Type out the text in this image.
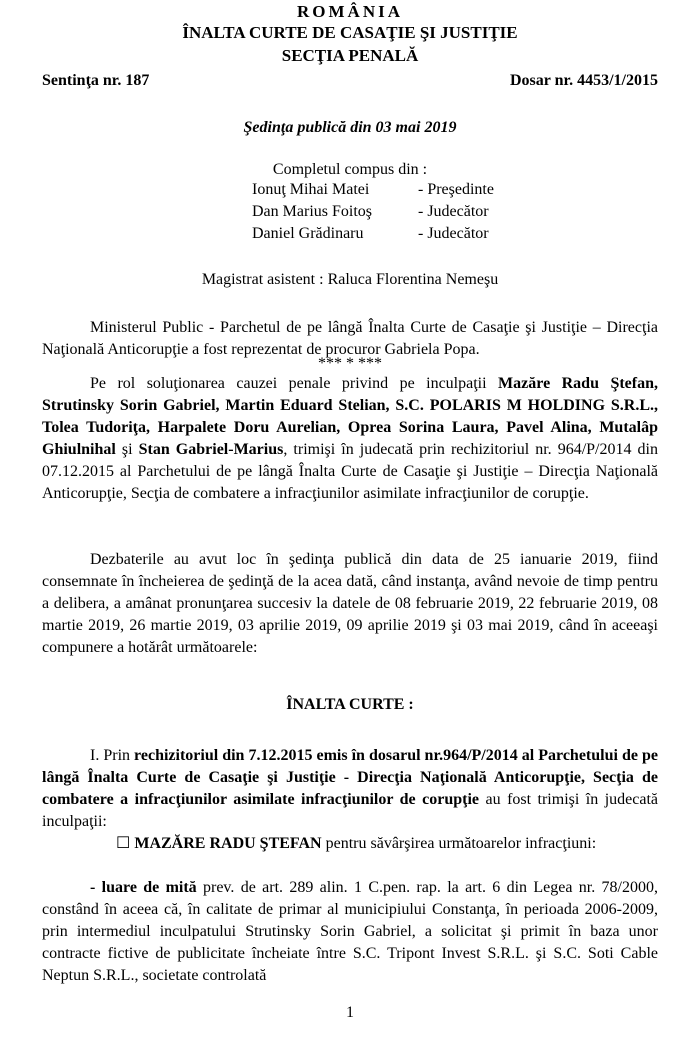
ROMÂNIA
ÎNALTA CURTE DE CASAŢIE ŞI JUSTIŢIE
SECŢIA PENALĂ
Sentinţa nr. 187	Dosar nr. 4453/1/2015
Şedinţa publică din 03 mai 2019
Completul compus din :
Ionuţ Mihai Matei	- Preşedinte
Dan Marius Foitoş	- Judecător
Daniel Grădinaru	- Judecător
Magistrat asistent : Raluca Florentina Nemeşu
Ministerul Public - Parchetul de pe lângă Înalta Curte de Casaţie şi Justiţie – Direcţia Naţională Anticorupţie a fost reprezentat de procuror Gabriela Popa.
*** * ***
Pe rol soluţionarea cauzei penale privind pe inculpaţii Mazăre Radu Ştefan, Strutinsky Sorin Gabriel, Martin Eduard Stelian, S.C. POLARIS M HOLDING S.R.L., Tolea Tudoriţa, Harpalete Doru Aurelian, Oprea Sorina Laura, Pavel Alina, Mutalâp Ghiulnihal şi Stan Gabriel-Marius, trimişi în judecată prin rechizitoriul nr. 964/P/2014 din 07.12.2015 al Parchetului de pe lângă Înalta Curte de Casaţie şi Justiţie – Direcţia Naţională Anticorupţie, Secţia de combatere a infracţiunilor asimilate infracţiunilor de corupţie.
Dezbaterile au avut loc în şedinţa publică din data de 25 ianuarie 2019, fiind consemnate în încheierea de şedinţă de la acea dată, când instanţa, având nevoie de timp pentru a delibera, a amânat pronunţarea succesiv la datele de 08 februarie 2019, 22 februarie 2019, 08 martie 2019, 26 martie 2019, 03 aprilie 2019, 09 aprilie 2019 şi 03 mai 2019, când în aceeaşi compunere a hotărât următoarele:
ÎNALTA CURTE :
I. Prin rechizitoriul din 7.12.2015 emis în dosarul nr.964/P/2014 al Parchetului de pe lângă Înalta Curte de Casaţie şi Justiţie - Direcţia Naţională Anticorupţie, Secţia de combatere a infracţiunilor asimilate infracţiunilor de corupţie au fost trimişi în judecată inculpaţii:
☐ MAZĂRE RADU ŞTEFAN pentru săvârşirea următoarelor infracţiuni:
- luare de mită prev. de art. 289 alin. 1 C.pen. rap. la art. 6 din Legea nr. 78/2000, constând în aceea că, în calitate de primar al municipiului Constanţa, în perioada 2006-2009, prin intermediul inculpatului Strutinsky Sorin Gabriel, a solicitat şi primit în baza unor contracte fictive de publicitate încheiate între S.C. Tripont Invest S.R.L. şi S.C. Soti Cable Neptun S.R.L., societate controlată
1
